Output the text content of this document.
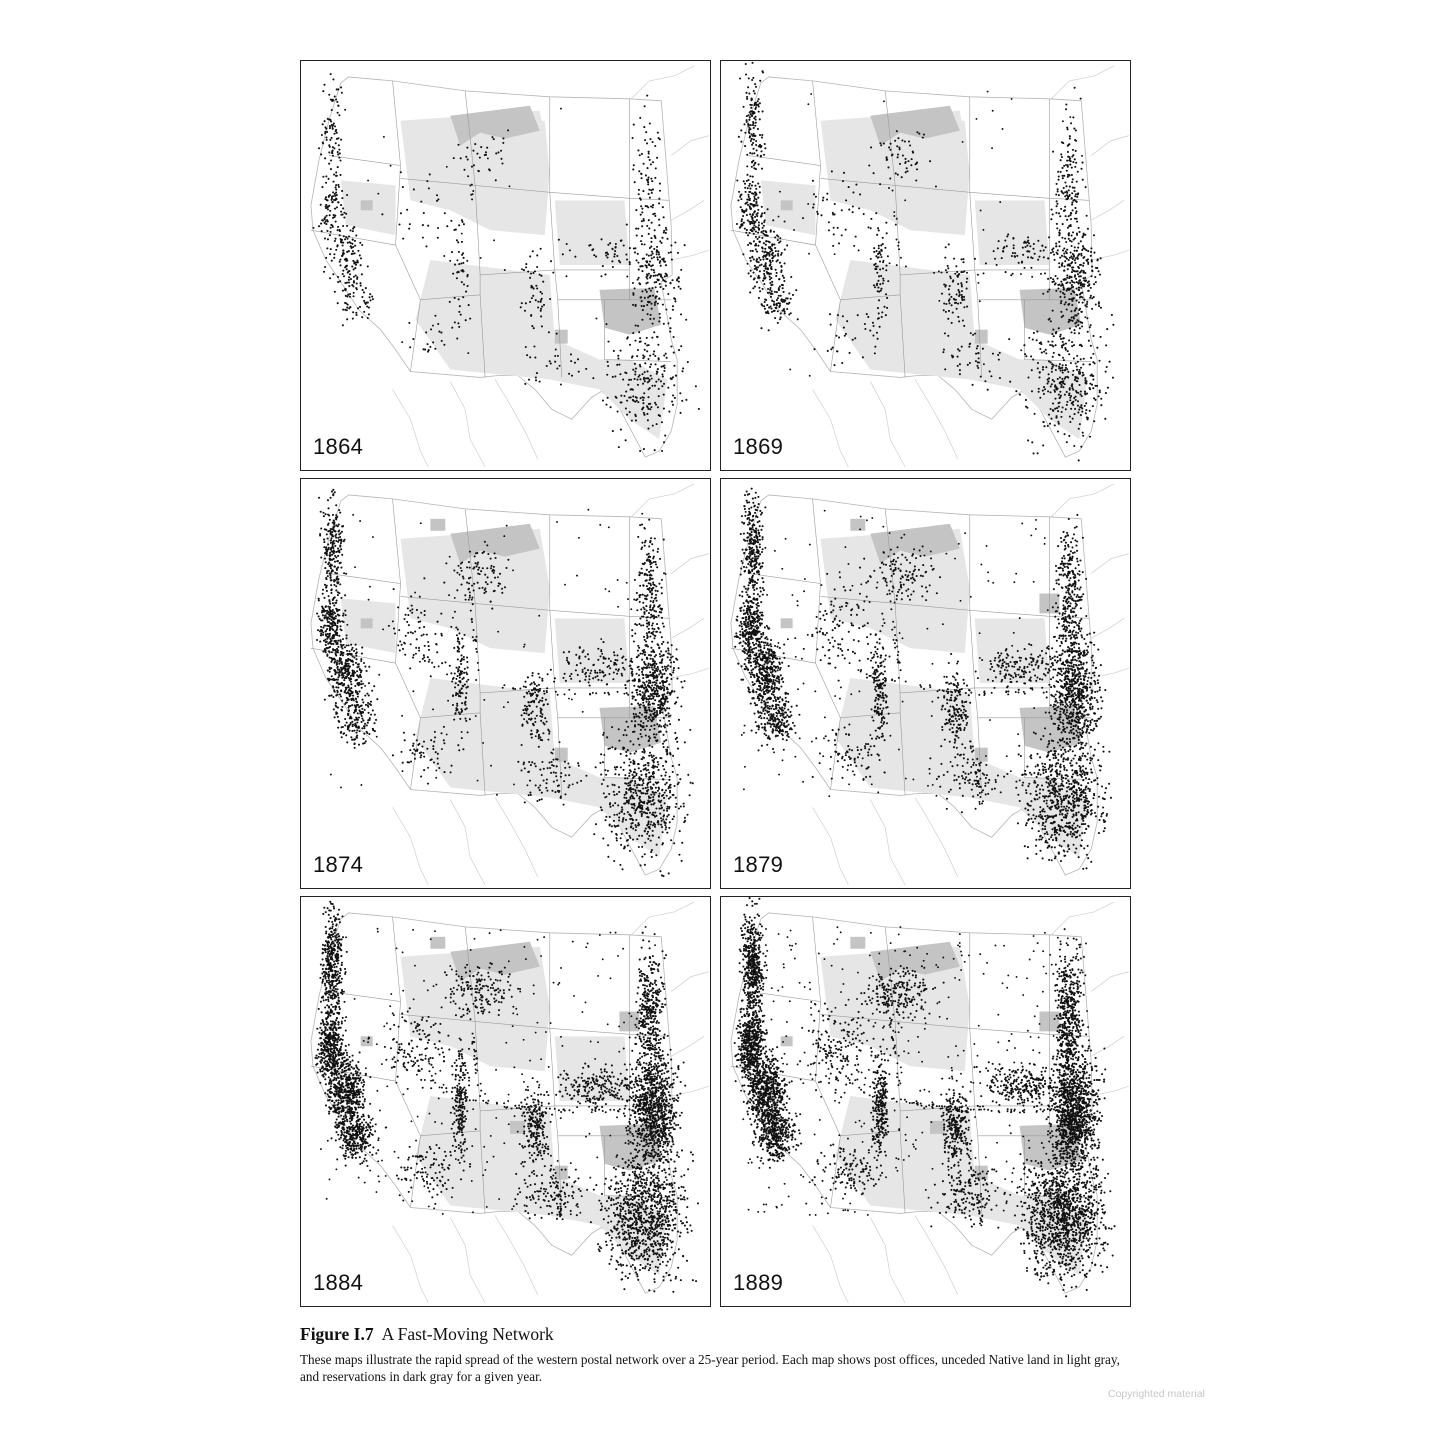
1864	1869
1874	1879
1884	1889

Figure I.7 A Fast-Moving Network

These maps illustrate the rapid spread of the western postal network over a 25-year period. Each map shows post offices, unceded Native land in light gray, and reservations in dark gray for a given year.

Copyrighted material
